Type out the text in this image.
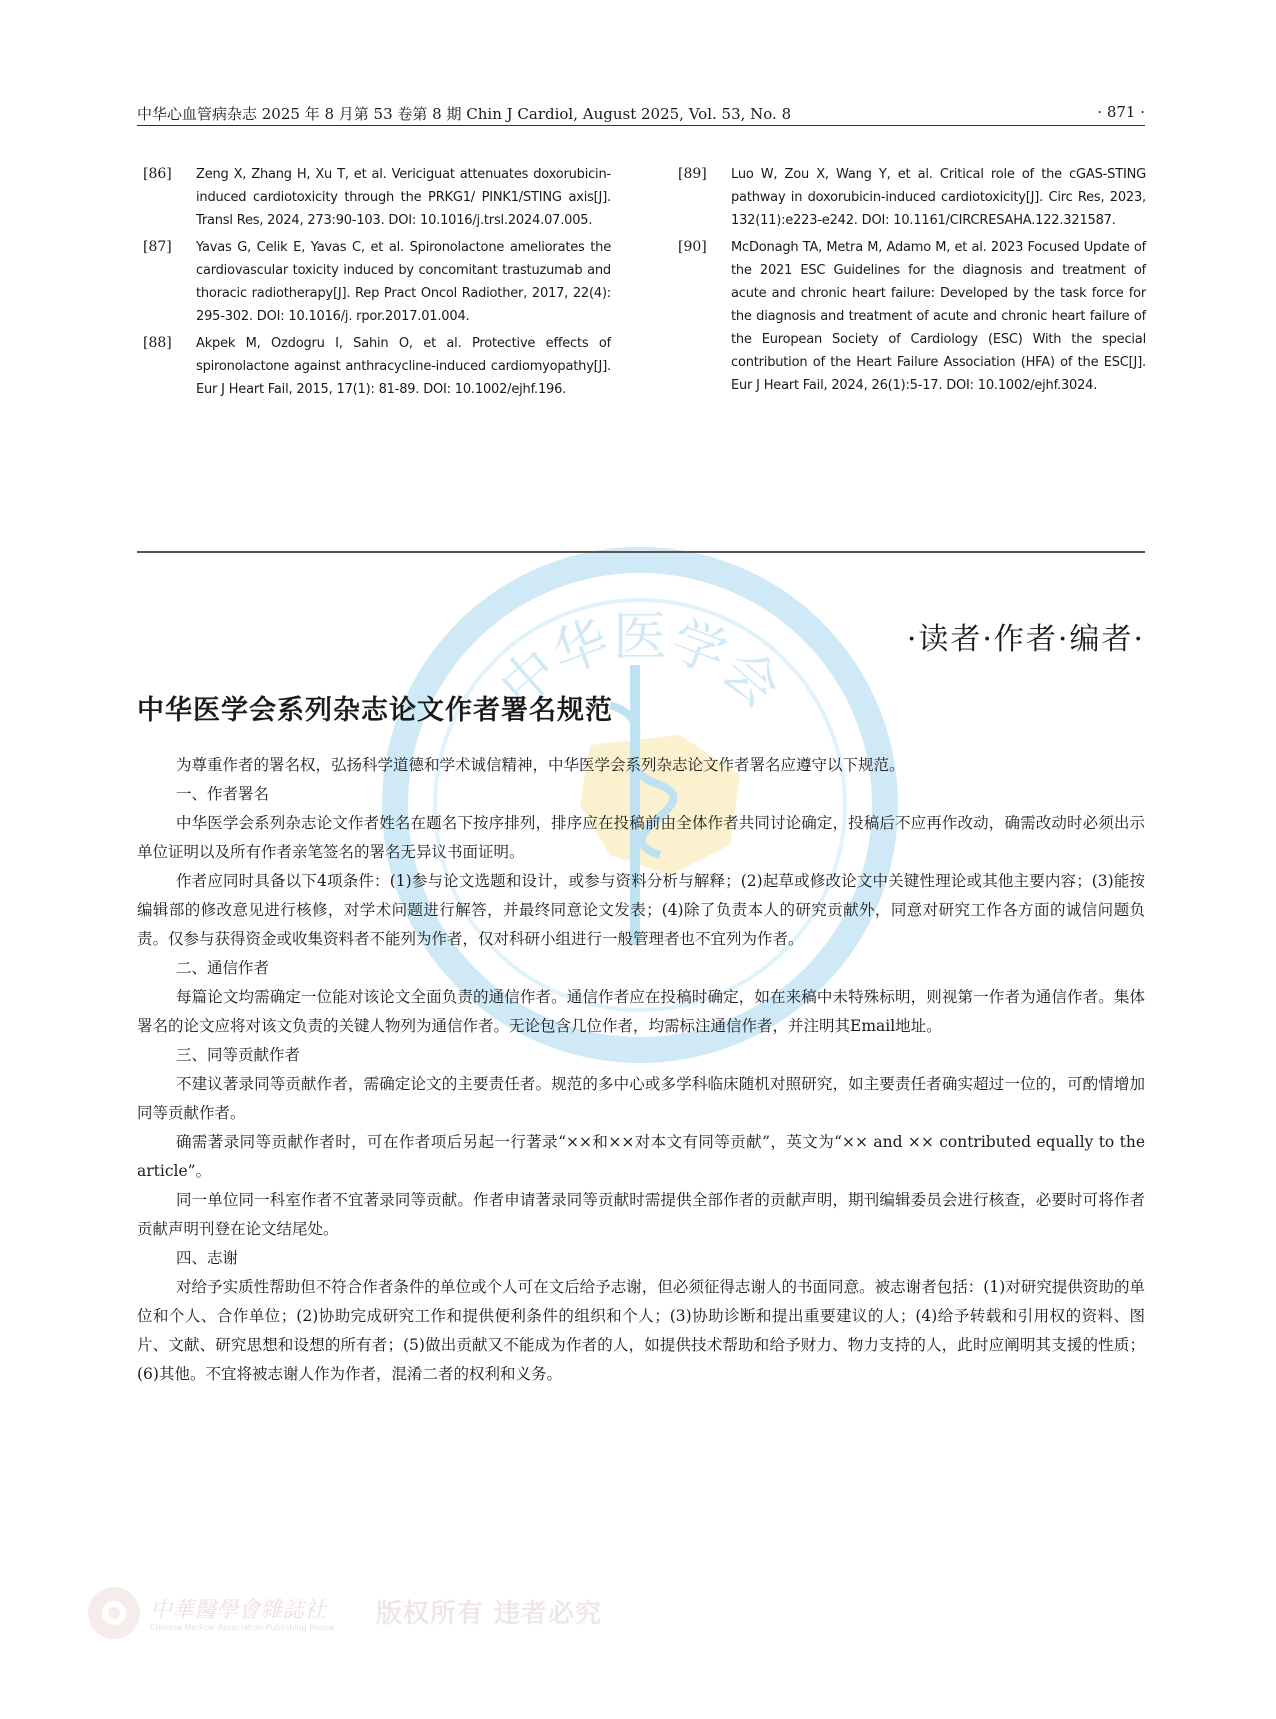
中华医学会
中华心血管病杂志 2025 年 8 月第 53 卷第 8 期 Chin J Cardiol, August 2025, Vol. 53, No. 8	· 871 ·
[86] Zeng X, Zhang H, Xu T, et al. Vericiguat attenuates doxorubicin-induced cardiotoxicity through the PRKG1/ PINK1/STING axis[J]. Transl Res, 2024, 273:90-103. DOI: 10.1016/j.trsl.2024.07.005.
[87] Yavas G, Celik E, Yavas C, et al. Spironolactone ameliorates the cardiovascular toxicity induced by concomitant trastuzumab and thoracic radiotherapy[J]. Rep Pract Oncol Radiother, 2017, 22(4): 295-302. DOI: 10.1016/j. rpor.2017.01.004.
[88] Akpek M, Ozdogru I, Sahin O, et al. Protective effects of spironolactone against anthracycline-induced cardiomyopathy[J]. Eur J Heart Fail, 2015, 17(1): 81-89. DOI: 10.1002/ejhf.196.
[89] Luo W, Zou X, Wang Y, et al. Critical role of the cGAS-STING pathway in doxorubicin-induced cardiotoxicity[J]. Circ Res, 2023, 132(11):e223-e242. DOI: 10.1161/CIRCRESAHA.122.321587.
[90] McDonagh TA, Metra M, Adamo M, et al. 2023 Focused Update of the 2021 ESC Guidelines for the diagnosis and treatment of acute and chronic heart failure: Developed by the task force for the diagnosis and treatment of acute and chronic heart failure of the European Society of Cardiology (ESC) With the special contribution of the Heart Failure Association (HFA) of the ESC[J]. Eur J Heart Fail, 2024, 26(1):5-17. DOI: 10.1002/ejhf.3024.
·读者·作者·编者·
中华医学会系列杂志论文作者署名规范

为尊重作者的署名权，弘扬科学道德和学术诚信精神，中华医学会系列杂志论文作者署名应遵守以下规范。

一、作者署名

中华医学会系列杂志论文作者姓名在题名下按序排列，排序应在投稿前由全体作者共同讨论确定，投稿后不应再作改动，确需改动时必须出示单位证明以及所有作者亲笔签名的署名无异议书面证明。

作者应同时具备以下4项条件：(1)参与论文选题和设计，或参与资料分析与解释；(2)起草或修改论文中关键性理论或其他主要内容；(3)能按编辑部的修改意见进行核修，对学术问题进行解答，并最终同意论文发表；(4)除了负责本人的研究贡献外，同意对研究工作各方面的诚信问题负责。仅参与获得资金或收集资料者不能列为作者，仅对科研小组进行一般管理者也不宜列为作者。

二、通信作者

每篇论文均需确定一位能对该论文全面负责的通信作者。通信作者应在投稿时确定，如在来稿中未特殊标明，则视第一作者为通信作者。集体署名的论文应将对该文负责的关键人物列为通信作者。无论包含几位作者，均需标注通信作者，并注明其Email地址。

三、同等贡献作者

不建议著录同等贡献作者，需确定论文的主要责任者。规范的多中心或多学科临床随机对照研究，如主要责任者确实超过一位的，可酌情增加同等贡献作者。

确需著录同等贡献作者时，可在作者项后另起一行著录“××和××对本文有同等贡献”，英文为“×× and ×× contributed equally to the article”。

同一单位同一科室作者不宜著录同等贡献。作者申请著录同等贡献时需提供全部作者的贡献声明，期刊编辑委员会进行核查，必要时可将作者贡献声明刊登在论文结尾处。

四、志谢

对给予实质性帮助但不符合作者条件的单位或个人可在文后给予志谢，但必须征得志谢人的书面同意。被志谢者包括：(1)对研究提供资助的单位和个人、合作单位；(2)协助完成研究工作和提供便利条件的组织和个人；(3)协助诊断和提出重要建议的人；(4)给予转载和引用权的资料、图片、文献、研究思想和设想的所有者；(5)做出贡献又不能成为作者的人，如提供技术帮助和给予财力、物力支持的人，此时应阐明其支援的性质；(6)其他。不宜将被志谢人作为作者，混淆二者的权利和义务。

中華醫學會雜誌社
Chinese Medical Association Publishing House 版权所有 违者必究
